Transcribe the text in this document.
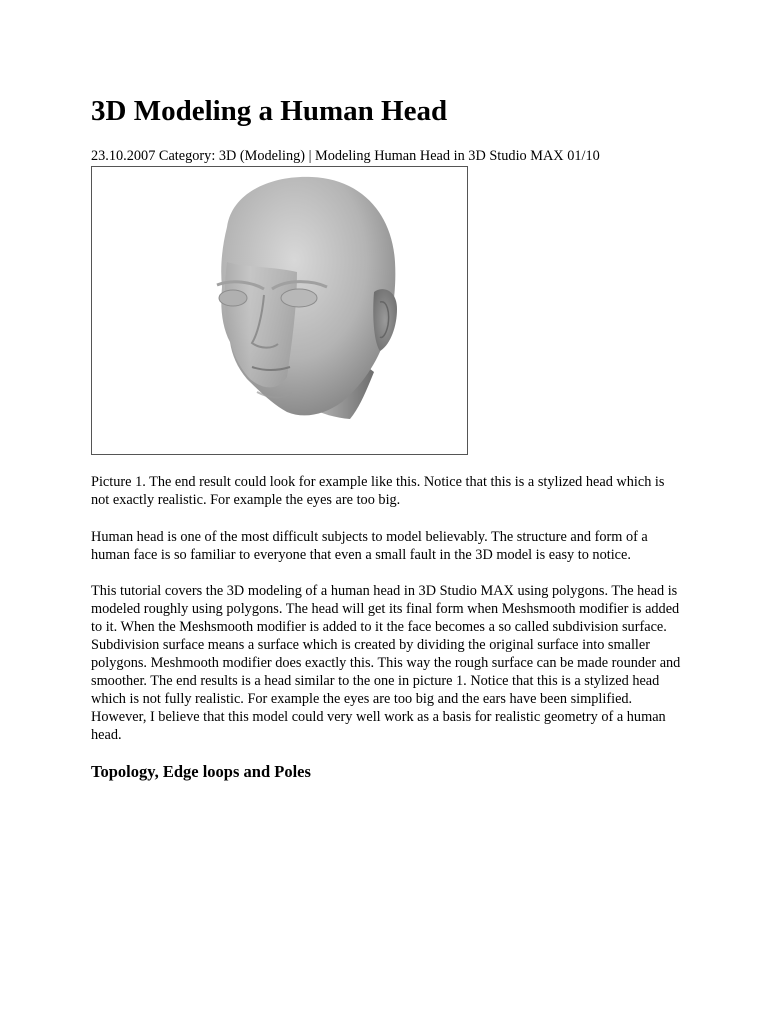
3D Modeling a Human Head
23.10.2007 Category: 3D (Modeling) | Modeling Human Head in 3D Studio MAX 01/10

Picture 1. The end result could look for example like this. Notice that this is a stylized head which is not exactly realistic. For example the eyes are too big.

Human head is one of the most difficult subjects to model believably. The structure and form of a human face is so familiar to everyone that even a small fault in the 3D model is easy to notice.

This tutorial covers the 3D modeling of a human head in 3D Studio MAX using polygons. The head is modeled roughly using polygons. The head will get its final form when Meshsmooth modifier is added to it. When the Meshsmooth modifier is added to it the face becomes a so called subdivision surface. Subdivision surface means a surface which is created by dividing the original surface into smaller polygons. Meshmooth modifier does exactly this. This way the rough surface can be made rounder and smoother. The end results is a head similar to the one in picture 1. Notice that this is a stylized head which is not fully realistic. For example the eyes are too big and the ears have been simplified. However, I believe that this model could very well work as a basis for realistic geometry of a human head.

Topology, Edge loops and Poles
